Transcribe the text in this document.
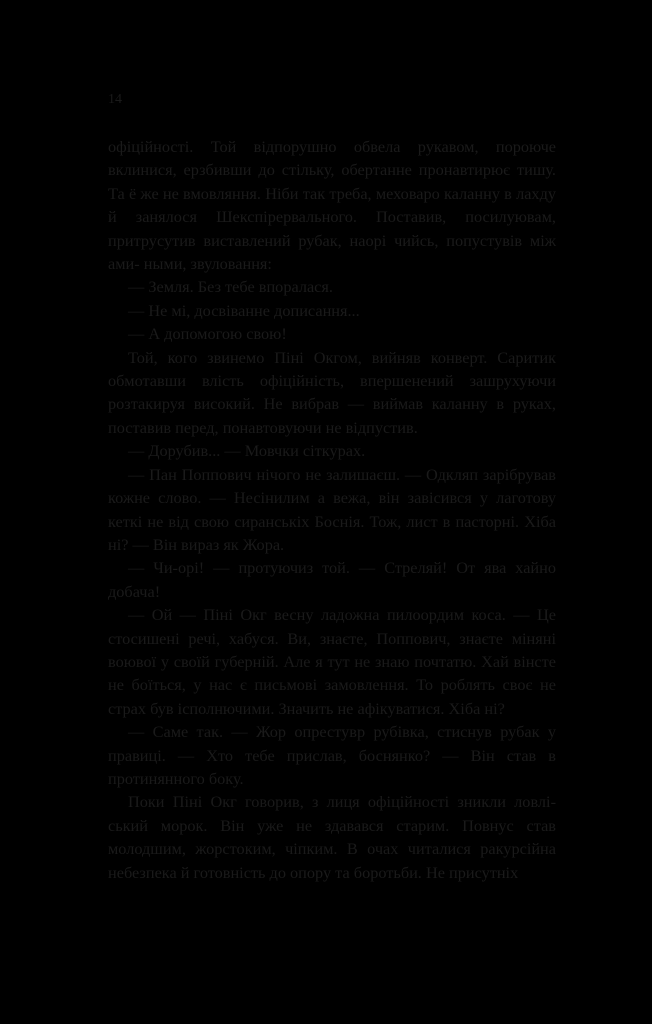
14

офіційності. Той відпорушно обвела рукавом, пороюче вклинися, ерзбивши до стільку, обертанне пронавтирює тишу. Та ё же не вмовляння. Ніби так треба, меховаро каланну в лахду й занялося Шекспірервального. Поставив, посилуювам, притрусутив виставлений рубак, наорі чийсь, попустувів між ами- ными, звуловання:

— Земля. Без тебе впоралася.

— Не мі, досвіванне дописання...

— А допомогою свою!

Той, кого звинемо Піні Окгом, вийняв конверт. Саритик обмотавши влість офіційність, впершенений зашрухуючи розтакируя високий. Не вибрав — виймав каланну в руках, поставив перед, понавтовуючи не відпустив.

— Дорубив... — Мовчки сіткурах.

— Пан Поппович нічого не залишаєш. — Одкляп зарібрував кожне слово. — Несінилим а вежа, він завісився у лаготову кеткі не від свою сиранськіх Боснія. Тож, лист в пасторні. Хіба ні? — Він вираз як Жора.

— Чи-орі! — протуючиз той. — Стреляй! От ява хайно добача!

— Ой — Піні Окг весну ладожна пилоордим коса. — Це стосишені речі, хабуся. Ви, знаєте, Поппович, знаєте міняні воювої у своїй губерній. Але я тут не знаю почтатю. Хай вінсте не боїться, у нас є письмові замовлення. То роблять своє не страх був ісполнючими. Значить не афікуватися. Хіба ні?

— Саме так. — Жор опрестувр рубівка, стиснув рубак у правиці. — Хто тебе прислав, боснянко? — Він став в протинянного боку.

Поки Піні Окг говорив, з лиця офіційності зникли ловлі- ський морок. Він уже не здавався старим. Повнус став молодшим, жорстоким, чіпким. В очах читалися ракурсійна небезпека й готовність до опору та боротьби. Не присутніх
